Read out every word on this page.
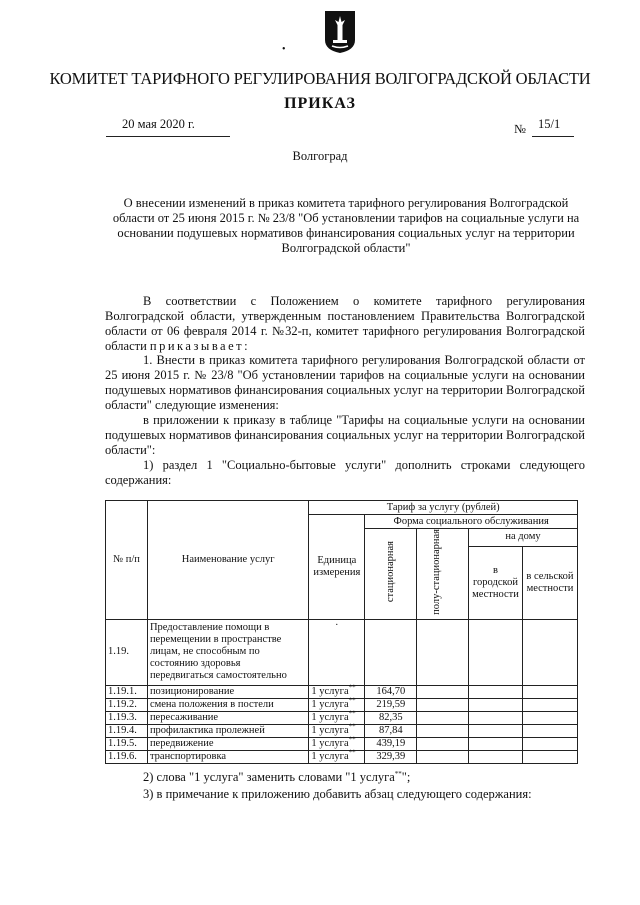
•
КОМИТЕТ ТАРИФНОГО РЕГУЛИРОВАНИЯ ВОЛГОГРАДСКОЙ ОБЛАСТИ
ПРИКАЗ
20 мая 2020 г.	№ 15/1
Волгоград
О внесении изменений в приказ комитета тарифного регулирования Волгоградской области от 25 июня 2015 г. № 23/8 "Об установлении тарифов на социальные услуги на основании подушевых нормативов финансирования социальных услуг на территории Волгоградской области"
В соответствии с Положением о комитете тарифного регулирования Волгоградской области, утвержденным постановлением Правительства Волгоградской области от 06 февраля 2014 г. №32-п, комитет тарифного регулирования Волгоградской области приказывает:
1. Внести в приказ комитета тарифного регулирования Волгоградской области от 25 июня 2015 г. № 23/8 "Об установлении тарифов на социальные услуги на основании подушевых нормативов финансирования социальных услуг на территории Волгоградской области" следующие изменения:
в приложении к приказу в таблице "Тарифы на социальные услуги на основании подушевых нормативов финансирования социальных услуг на территории Волгоградской области":
1) раздел 1 "Социально-бытовые услуги" дополнить строками следующего содержания:
№ п/п	Наименование услуг	Тариф за услугу (рублей)				
		Единица измерения	Форма социального обслуживания			
			стационарная	полу-стационарная	на дому	
					в городской местности	в сельской местности
1.19.	Предоставление помощи в перемещении в пространстве лицам, не способным по состоянию здоровья передвигаться самостоятельно	·				
1.19.1.	позиционирование	1 услуга**	164,70			
1.19.2.	смена положения в постели	1 услуга**	219,59			
1.19.3.	пересаживание	1 услуга**	82,35			
1.19.4.	профилактика пролежней	1 услуга**	87,84			
1.19.5.	передвижение	1 услуга**	439,19			
1.19.6.	транспортировка	1 услуга**	329,39			
2) слова "1 услуга" заменить словами "1 услуга**";
3) в примечание к приложению добавить абзац следующего содержания:
